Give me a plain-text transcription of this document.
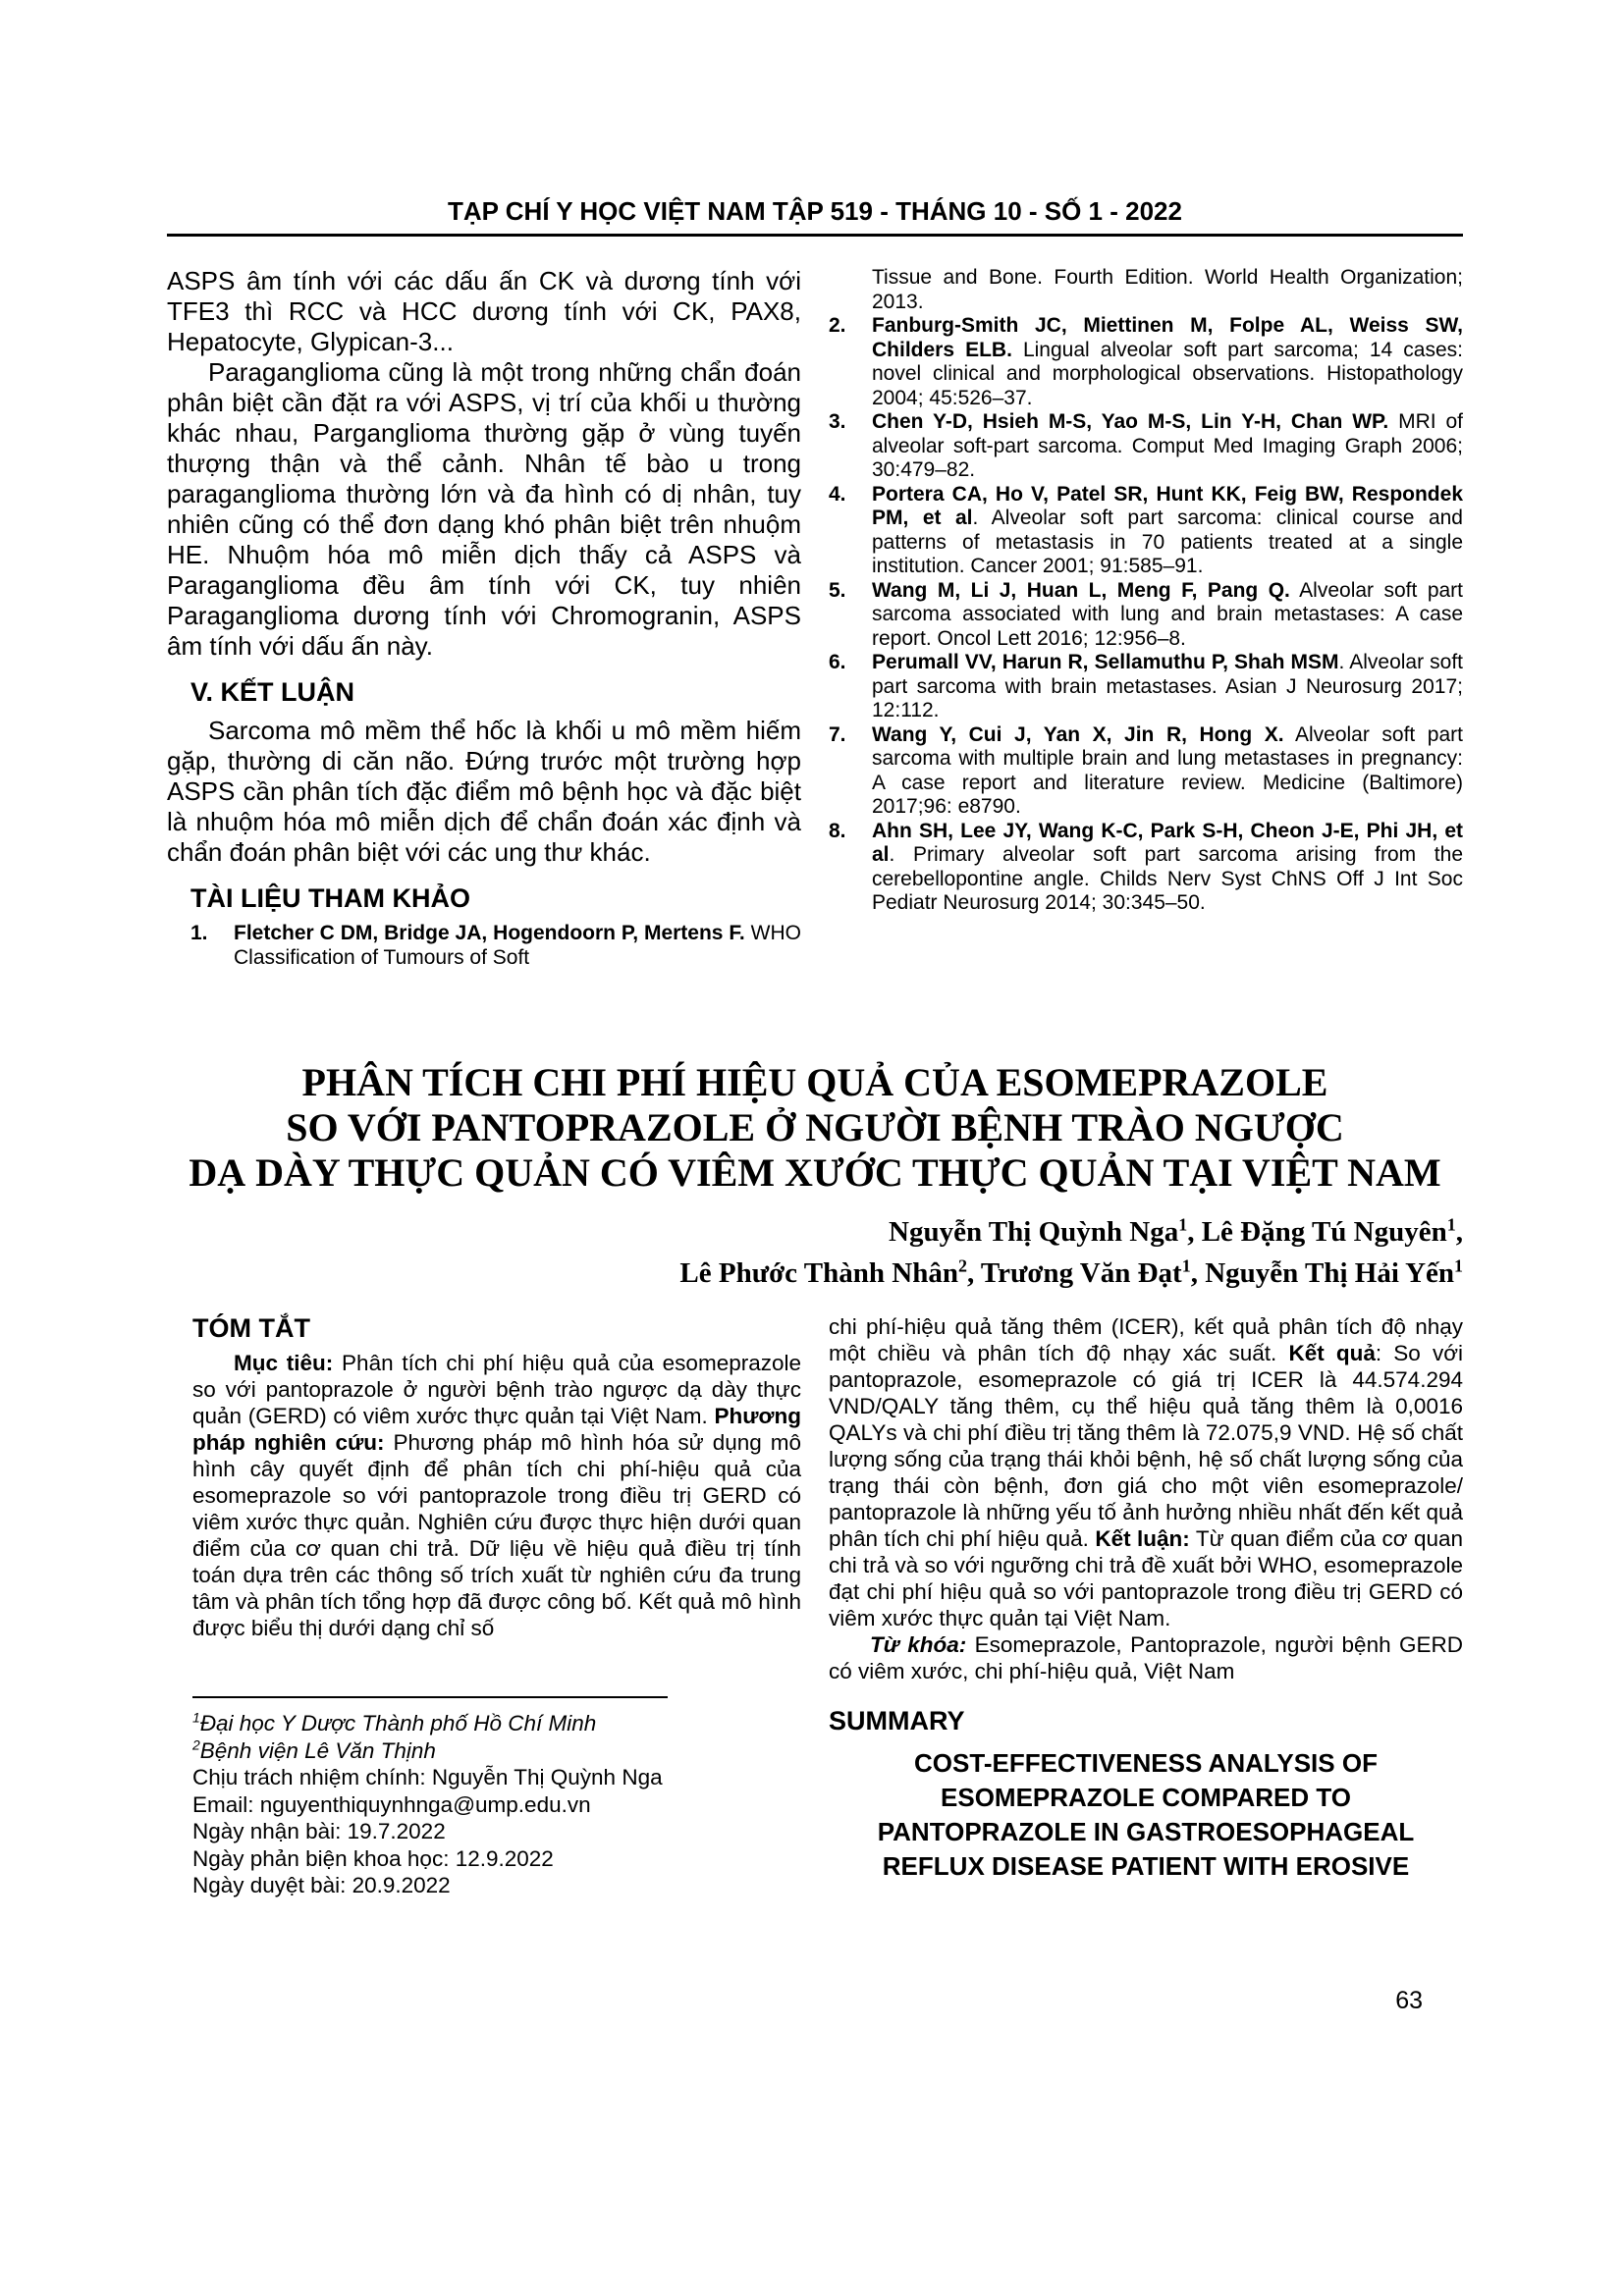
TẠP CHÍ Y HỌC VIỆT NAM TẬP 519 - THÁNG 10 - SỐ 1 - 2022

ASPS âm tính với các dấu ấn CK và dương tính với TFE3 thì RCC và HCC dương tính với CK, PAX8, Hepatocyte, Glypican-3...

Paraganglioma cũng là một trong những chẩn đoán phân biệt cần đặt ra với ASPS, vị trí của khối u thường khác nhau, Parganglioma thường gặp ở vùng tuyến thượng thận và thể cảnh. Nhân tế bào u trong paraganglioma thường lớn và đa hình có dị nhân, tuy nhiên cũng có thể đơn dạng khó phân biệt trên nhuộm HE. Nhuộm hóa mô miễn dịch thấy cả ASPS và Paraganglioma đều âm tính với CK, tuy nhiên Paraganglioma dương tính với Chromogranin, ASPS âm tính với dấu ấn này.

V. KẾT LUẬN

Sarcoma mô mềm thể hốc là khối u mô mềm hiếm gặp, thường di căn não. Đứng trước một trường hợp ASPS cần phân tích đặc điểm mô bệnh học và đặc biệt là nhuộm hóa mô miễn dịch để chẩn đoán xác định và chẩn đoán phân biệt với các ung thư khác.

TÀI LIỆU THAM KHẢO
1. Fletcher C DM, Bridge JA, Hogendoorn P, Mertens F. WHO Classification of Tumours of Soft
Tissue and Bone. Fourth Edition. World Health Organization; 2013.
2. Fanburg-Smith JC, Miettinen M, Folpe AL, Weiss SW, Childers ELB. Lingual alveolar soft part sarcoma; 14 cases: novel clinical and morphological observations. Histopathology 2004; 45:526–37.
3. Chen Y-D, Hsieh M-S, Yao M-S, Lin Y-H, Chan WP. MRI of alveolar soft-part sarcoma. Comput Med Imaging Graph 2006; 30:479–82.
4. Portera CA, Ho V, Patel SR, Hunt KK, Feig BW, Respondek PM, et al. Alveolar soft part sarcoma: clinical course and patterns of metastasis in 70 patients treated at a single institution. Cancer 2001; 91:585–91.
5. Wang M, Li J, Huan L, Meng F, Pang Q. Alveolar soft part sarcoma associated with lung and brain metastases: A case report. Oncol Lett 2016; 12:956–8.
6. Perumall VV, Harun R, Sellamuthu P, Shah MSM. Alveolar soft part sarcoma with brain metastases. Asian J Neurosurg 2017; 12:112.
7. Wang Y, Cui J, Yan X, Jin R, Hong X. Alveolar soft part sarcoma with multiple brain and lung metastases in pregnancy: A case report and literature review. Medicine (Baltimore) 2017;96: e8790.
8. Ahn SH, Lee JY, Wang K-C, Park S-H, Cheon J-E, Phi JH, et al. Primary alveolar soft part sarcoma arising from the cerebellopontine angle. Childs Nerv Syst ChNS Off J Int Soc Pediatr Neurosurg 2014; 30:345–50.
PHÂN TÍCH CHI PHÍ HIỆU QUẢ CỦA ESOMEPRAZOLE
SO VỚI PANTOPRAZOLE Ở NGƯỜI BỆNH TRÀO NGƯỢC
DẠ DÀY THỰC QUẢN CÓ VIÊM XƯỚC THỰC QUẢN TẠI VIỆT NAM
Nguyễn Thị Quỳnh Nga$^1$, Lê Đặng Tú Nguyên$^1$,
Lê Phước Thành Nhân$^2$, Trương Văn Đạt$^1$, Nguyễn Thị Hải Yến$^1$
TÓM TẮT

Mục tiêu: Phân tích chi phí hiệu quả của esomeprazole so với pantoprazole ở người bệnh trào ngược dạ dày thực quản (GERD) có viêm xước thực quản tại Việt Nam. Phương pháp nghiên cứu: Phương pháp mô hình hóa sử dụng mô hình cây quyết định để phân tích chi phí-hiệu quả của esomeprazole so với pantoprazole trong điều trị GERD có viêm xước thực quản. Nghiên cứu được thực hiện dưới quan điểm của cơ quan chi trả. Dữ liệu về hiệu quả điều trị tính toán dựa trên các thông số trích xuất từ nghiên cứu đa trung tâm và phân tích tổng hợp đã được công bố. Kết quả mô hình được biểu thị dưới dạng chỉ số

$^1$Đại học Y Dược Thành phố Hồ Chí Minh
$^2$Bệnh viện Lê Văn Thịnh
Chịu trách nhiệm chính: Nguyễn Thị Quỳnh Nga
Email: nguyenthiquynhnga@ump.edu.vn
Ngày nhận bài: 19.7.2022
Ngày phản biện khoa học: 12.9.2022
Ngày duyệt bài: 20.9.2022

chi phí-hiệu quả tăng thêm (ICER), kết quả phân tích độ nhạy một chiều và phân tích độ nhạy xác suất. Kết quả: So với pantoprazole, esomeprazole có giá trị ICER là 44.574.294 VND/QALY tăng thêm, cụ thể hiệu quả tăng thêm là 0,0016 QALYs và chi phí điều trị tăng thêm là 72.075,9 VND. Hệ số chất lượng sống của trạng thái khỏi bệnh, hệ số chất lượng sống của trạng thái còn bệnh, đơn giá cho một viên esomeprazole/ pantoprazole là những yếu tố ảnh hưởng nhiều nhất đến kết quả phân tích chi phí hiệu quả. Kết luận: Từ quan điểm của cơ quan chi trả và so với ngưỡng chi trả đề xuất bởi WHO, esomeprazole đạt chi phí hiệu quả so với pantoprazole trong điều trị GERD có viêm xước thực quản tại Việt Nam.

Từ khóa: Esomeprazole, Pantoprazole, người bệnh GERD có viêm xước, chi phí-hiệu quả, Việt Nam

SUMMARY
COST-EFFECTIVENESS ANALYSIS OF
ESOMEPRAZOLE COMPARED TO
PANTOPRAZOLE IN GASTROESOPHAGEAL
REFLUX DISEASE PATIENT WITH EROSIVE
63
